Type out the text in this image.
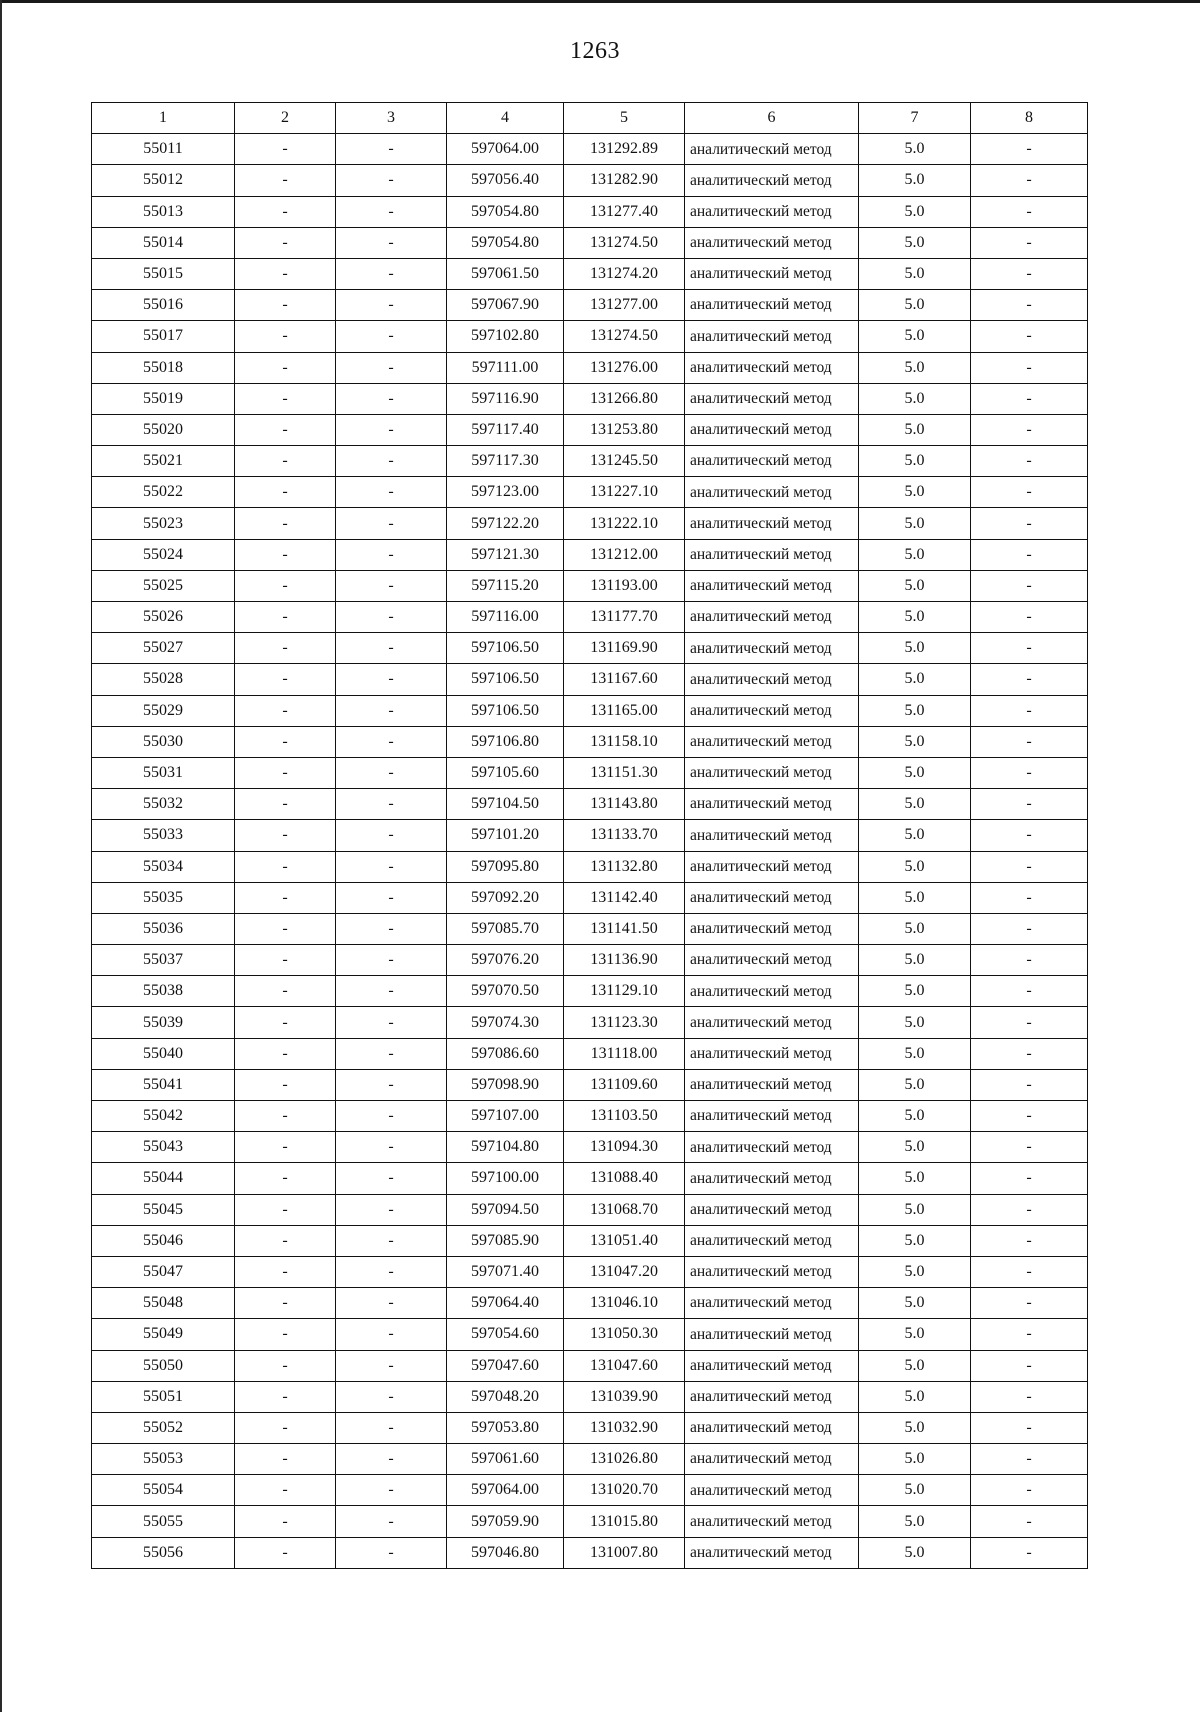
1263
1	2	3	4	5	6	7	8
55011	-	-	597064.00	131292.89	аналитический метод	5.0	-
55012	-	-	597056.40	131282.90	аналитический метод	5.0	-
55013	-	-	597054.80	131277.40	аналитический метод	5.0	-
55014	-	-	597054.80	131274.50	аналитический метод	5.0	-
55015	-	-	597061.50	131274.20	аналитический метод	5.0	-
55016	-	-	597067.90	131277.00	аналитический метод	5.0	-
55017	-	-	597102.80	131274.50	аналитический метод	5.0	-
55018	-	-	597111.00	131276.00	аналитический метод	5.0	-
55019	-	-	597116.90	131266.80	аналитический метод	5.0	-
55020	-	-	597117.40	131253.80	аналитический метод	5.0	-
55021	-	-	597117.30	131245.50	аналитический метод	5.0	-
55022	-	-	597123.00	131227.10	аналитический метод	5.0	-
55023	-	-	597122.20	131222.10	аналитический метод	5.0	-
55024	-	-	597121.30	131212.00	аналитический метод	5.0	-
55025	-	-	597115.20	131193.00	аналитический метод	5.0	-
55026	-	-	597116.00	131177.70	аналитический метод	5.0	-
55027	-	-	597106.50	131169.90	аналитический метод	5.0	-
55028	-	-	597106.50	131167.60	аналитический метод	5.0	-
55029	-	-	597106.50	131165.00	аналитический метод	5.0	-
55030	-	-	597106.80	131158.10	аналитический метод	5.0	-
55031	-	-	597105.60	131151.30	аналитический метод	5.0	-
55032	-	-	597104.50	131143.80	аналитический метод	5.0	-
55033	-	-	597101.20	131133.70	аналитический метод	5.0	-
55034	-	-	597095.80	131132.80	аналитический метод	5.0	-
55035	-	-	597092.20	131142.40	аналитический метод	5.0	-
55036	-	-	597085.70	131141.50	аналитический метод	5.0	-
55037	-	-	597076.20	131136.90	аналитический метод	5.0	-
55038	-	-	597070.50	131129.10	аналитический метод	5.0	-
55039	-	-	597074.30	131123.30	аналитический метод	5.0	-
55040	-	-	597086.60	131118.00	аналитический метод	5.0	-
55041	-	-	597098.90	131109.60	аналитический метод	5.0	-
55042	-	-	597107.00	131103.50	аналитический метод	5.0	-
55043	-	-	597104.80	131094.30	аналитический метод	5.0	-
55044	-	-	597100.00	131088.40	аналитический метод	5.0	-
55045	-	-	597094.50	131068.70	аналитический метод	5.0	-
55046	-	-	597085.90	131051.40	аналитический метод	5.0	-
55047	-	-	597071.40	131047.20	аналитический метод	5.0	-
55048	-	-	597064.40	131046.10	аналитический метод	5.0	-
55049	-	-	597054.60	131050.30	аналитический метод	5.0	-
55050	-	-	597047.60	131047.60	аналитический метод	5.0	-
55051	-	-	597048.20	131039.90	аналитический метод	5.0	-
55052	-	-	597053.80	131032.90	аналитический метод	5.0	-
55053	-	-	597061.60	131026.80	аналитический метод	5.0	-
55054	-	-	597064.00	131020.70	аналитический метод	5.0	-
55055	-	-	597059.90	131015.80	аналитический метод	5.0	-
55056	-	-	597046.80	131007.80	аналитический метод	5.0	-
